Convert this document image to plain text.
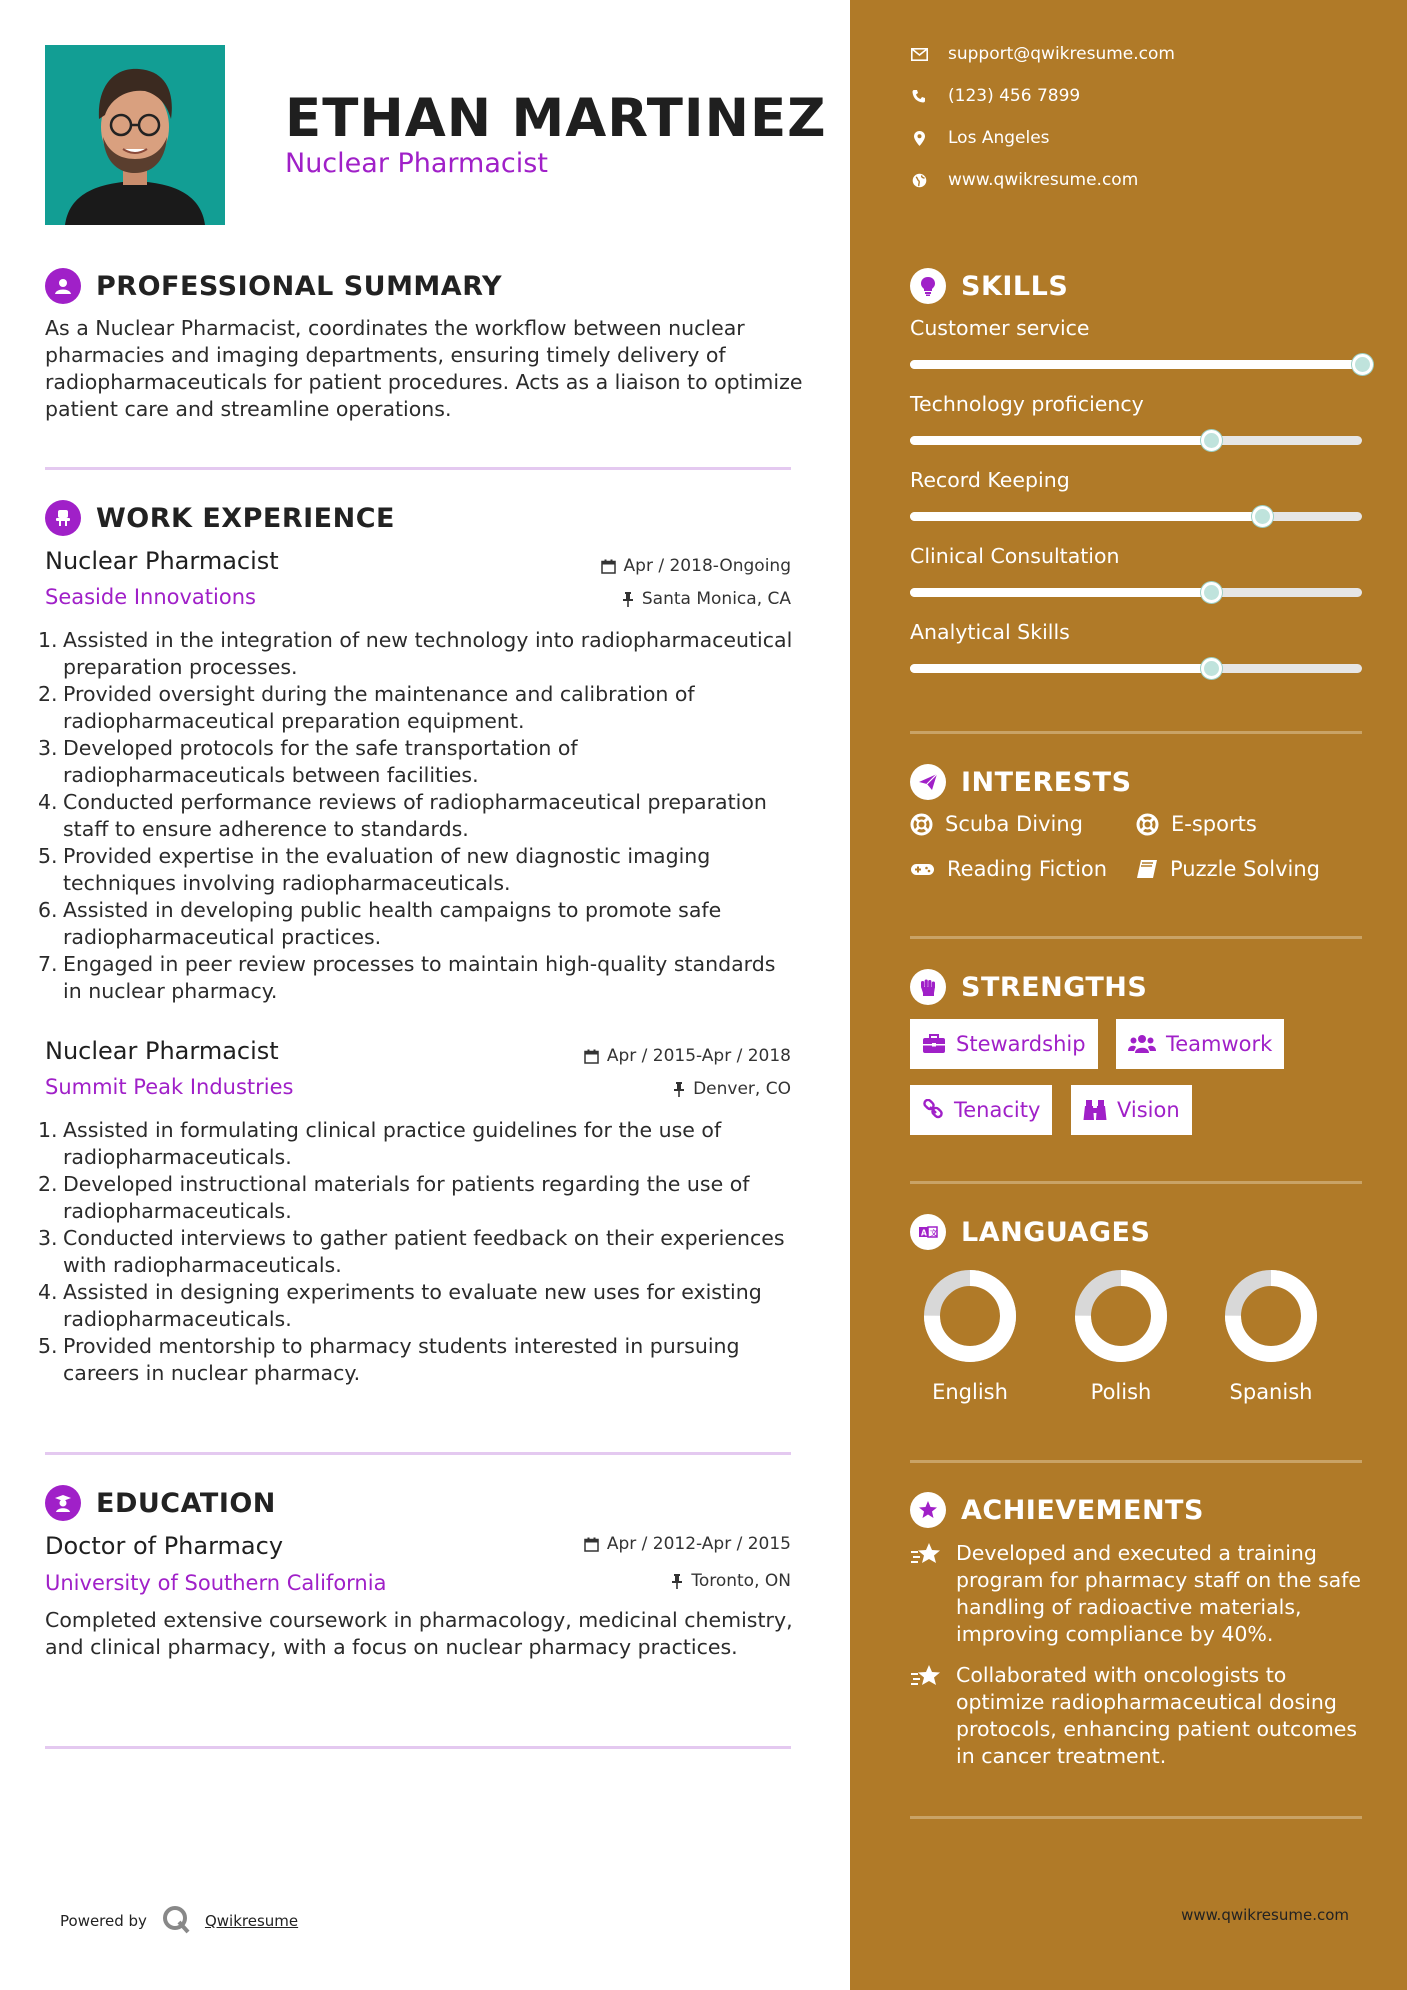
ETHAN MARTINEZ
Nuclear Pharmacist
PROFESSIONAL SUMMARY
As a Nuclear Pharmacist, coordinates the workflow between nuclear pharmacies and imaging departments, ensuring timely delivery of radiopharmaceuticals for patient procedures. Acts as a liaison to optimize patient care and streamline operations.
WORK EXPERIENCE
Nuclear Pharmacist	Apr / 2018-Ongoing
Seaside Innovations	Santa Monica, CA
1. Assisted in the integration of new technology into radiopharmaceutical preparation processes.
2. Provided oversight during the maintenance and calibration of radiopharmaceutical preparation equipment.
3. Developed protocols for the safe transportation of radiopharmaceuticals between facilities.
4. Conducted performance reviews of radiopharmaceutical preparation staff to ensure adherence to standards.
5. Provided expertise in the evaluation of new diagnostic imaging techniques involving radiopharmaceuticals.
6. Assisted in developing public health campaigns to promote safe radiopharmaceutical practices.
7. Engaged in peer review processes to maintain high-quality standards in nuclear pharmacy.
Nuclear Pharmacist	Apr / 2015-Apr / 2018
Summit Peak Industries	Denver, CO
1. Assisted in formulating clinical practice guidelines for the use of radiopharmaceuticals.
2. Developed instructional materials for patients regarding the use of radiopharmaceuticals.
3. Conducted interviews to gather patient feedback on their experiences with radiopharmaceuticals.
4. Assisted in designing experiments to evaluate new uses for existing radiopharmaceuticals.
5. Provided mentorship to pharmacy students interested in pursuing careers in nuclear pharmacy.
EDUCATION
Doctor of Pharmacy	Apr / 2012-Apr / 2015
University of Southern California	Toronto, ON
Completed extensive coursework in pharmacology, medicinal chemistry, and clinical pharmacy, with a focus on nuclear pharmacy practices.
Powered by	Qwikresume
support@qwikresume.com
(123) 456 7899
Los Angeles
www.qwikresume.com
SKILLS
Customer service
Technology proficiency
Record Keeping
Clinical Consultation
Analytical Skills
INTERESTS
Scuba Diving	E-sports
Reading Fiction	Puzzle Solving
STRENGTHS
Stewardship	Teamwork
Tenacity	Vision
A 文 LANGUAGES
English	Polish	Spanish
ACHIEVEMENTS
Developed and executed a training program for pharmacy staff on the safe handling of radioactive materials, improving compliance by 40%.
Collaborated with oncologists to optimize radiopharmaceutical dosing protocols, enhancing patient outcomes in cancer treatment.
www.qwikresume.com
